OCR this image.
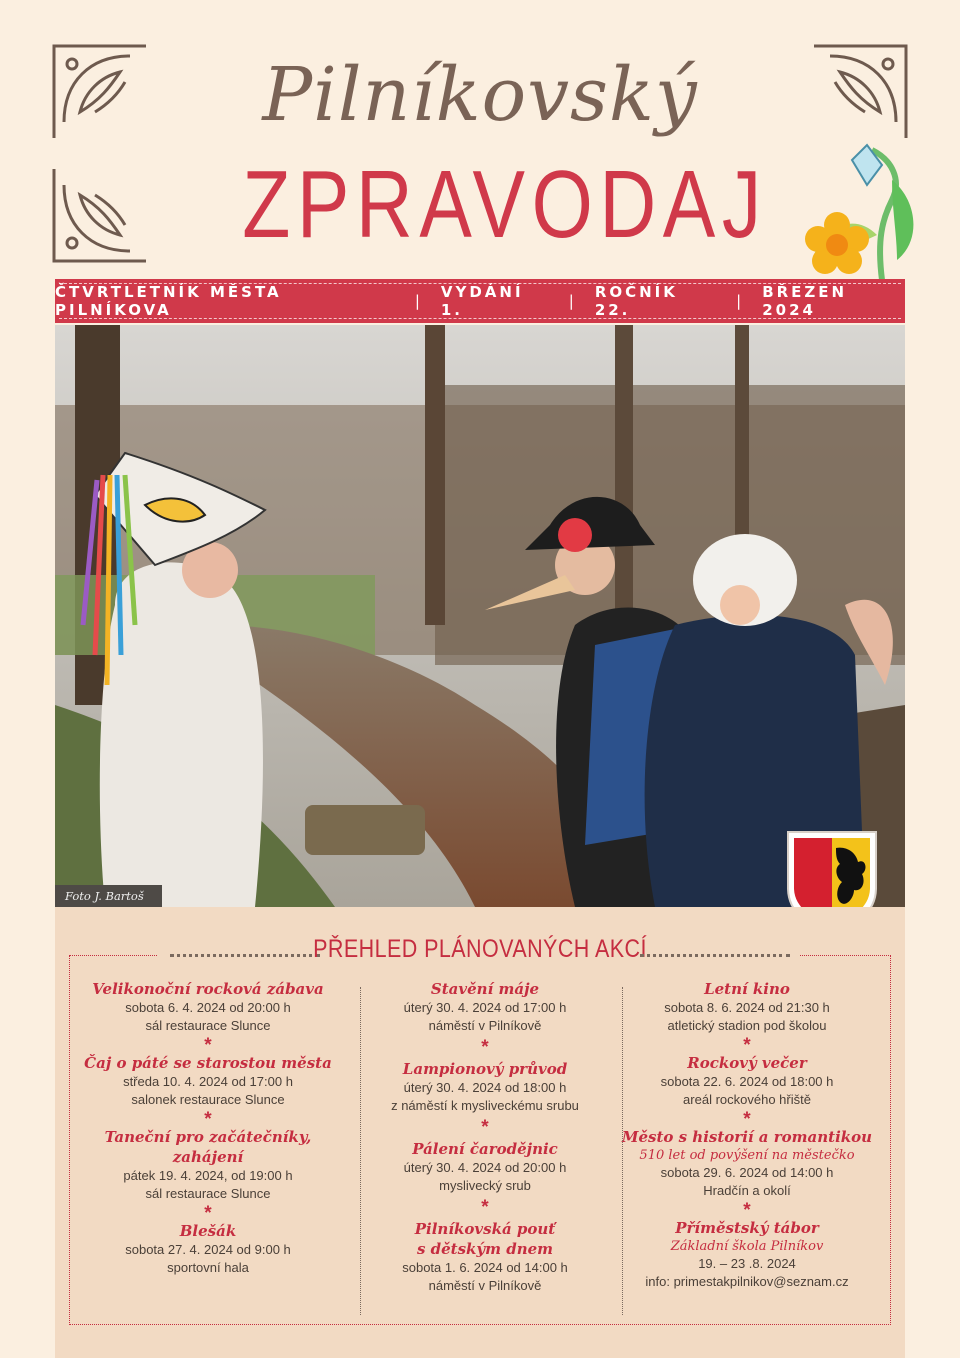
Pilníkovský
ZPRAVODAJ
ČTVRTLETNÍK MĚSTA PILNÍKOVA	| VYDÁNÍ 1.	| ROČNÍK 22.	| BŘEZEN 2024
Foto J. Bartoš
PŘEHLED PLÁNOVANÝCH AKCÍ
Velikonoční rocková zábava
sobota 6. 4. 2024 od 20:00 h
sál restaurace Slunce
*
Čaj o páté se starostou města
středa 10. 4. 2024 od 17:00 h
salonek restaurace Slunce
*
Taneční pro začátečníky, zahájení
pátek 19. 4. 2024, od 19:00 h
sál restaurace Slunce
*
Blešák
sobota 27. 4. 2024 od 9:00 h
sportovní hala
Stavění máje
úterý 30. 4. 2024 od 17:00 h
náměstí v Pilníkově
*
Lampionový průvod
úterý 30. 4. 2024 od 18:00 h
z náměstí k mysliveckému srubu
*
Pálení čarodějnic
úterý 30. 4. 2024 od 20:00 h
myslivecký srub
*
Pilníkovská pouť
s dětským dnem
sobota 1. 6. 2024 od 14:00 h
náměstí v Pilníkově
Letní kino
sobota 8. 6. 2024 od 21:30 h
atletický stadion pod školou
*
Rockový večer
sobota 22. 6. 2024 od 18:00 h
areál rockového hřiště
*
Město s historií a romantikou
510 let od povýšení na městečko
sobota 29. 6. 2024 od 14:00 h
Hradčín a okolí
*
Příměstský tábor
Základní škola Pilníkov
19. – 23 .8. 2024
info: primestakpilnikov@seznam.cz
